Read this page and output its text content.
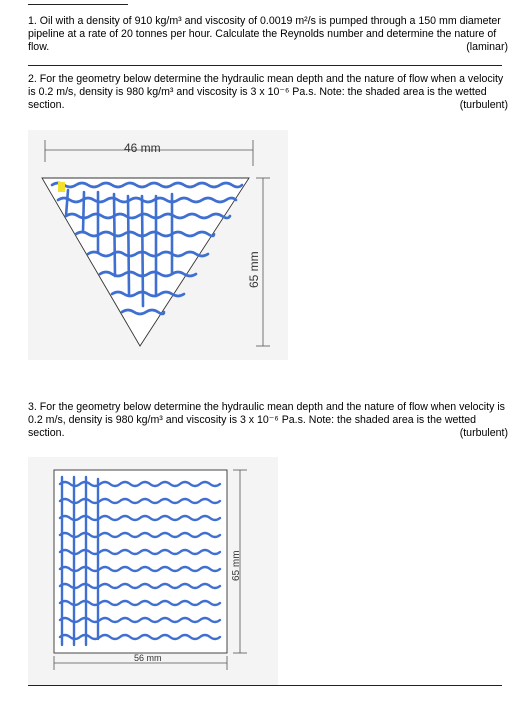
1. Oil with a density of 910 kg/m³ and viscosity of 0.0019 m²/s is pumped through a 150 mm diameter pipeline at a rate of 20 tonnes per hour. Calculate the Reynolds number and determine the nature of flow.	(laminar)
2. For the geometry below determine the hydraulic mean depth and the nature of flow when a velocity is 0.2 m/s, density is 980 kg/m³ and viscosity is 3 x 10⁻⁶ Pa.s. Note: the shaded area is the wetted section.	(turbulent)
46 mm
65 mm
3. For the geometry below determine the hydraulic mean depth and the nature of flow when velocity is 0.2 m/s, density is 980 kg/m³ and viscosity is 3 x 10⁻⁶ Pa.s. Note: the shaded area is the wetted section.	(turbulent)
65 mm
56 mm
